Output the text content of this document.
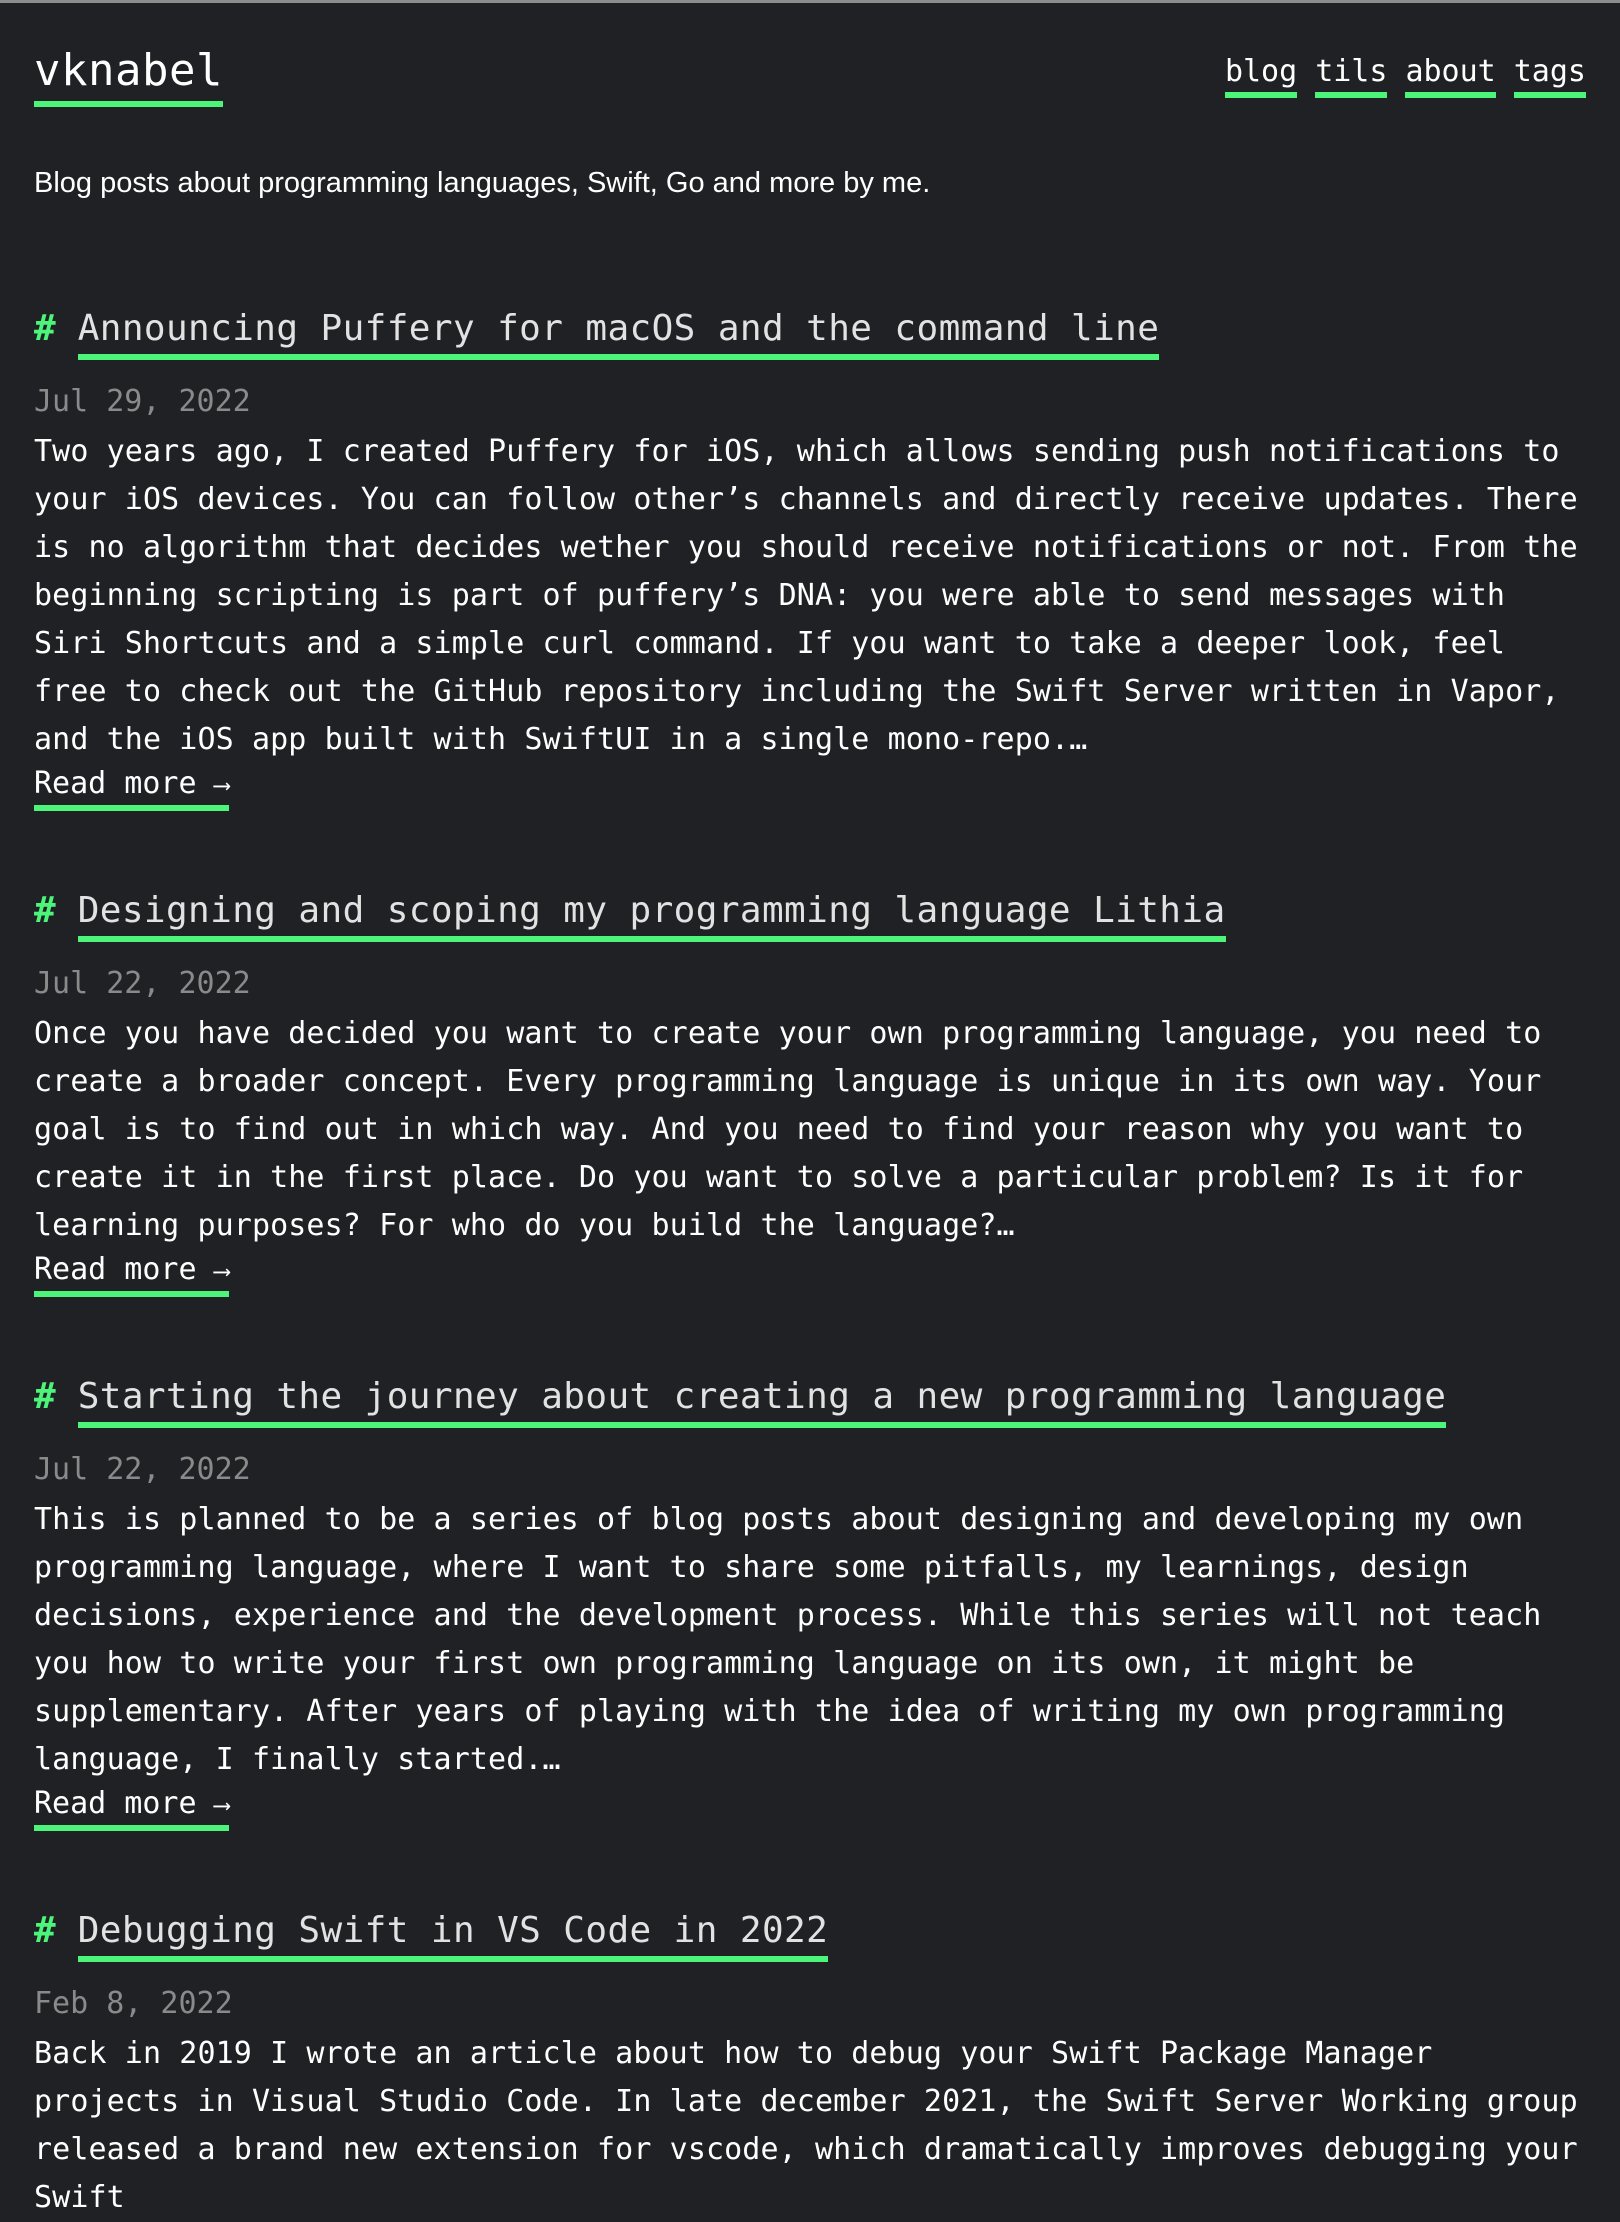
vknabel	blog tils about tags

Blog posts about programming languages, Swift, Go and more by me.

# Announcing Puffery for macOS and the command line
Jul 29, 2022

Two years ago, I created Puffery for iOS, which allows sending push notifications to your iOS devices. You can follow other’s channels and directly receive updates. There is no algorithm that decides wether you should receive notifications or not. From the beginning scripting is part of puffery’s DNA: you were able to send messages with Siri Shortcuts and a simple curl command. If you want to take a deeper look, feel free to check out the GitHub repository including the Swift Server written in Vapor, and the iOS app built with SwiftUI in a single mono-repo.…

Read more ⟶
# Designing and scoping my programming language Lithia
Jul 22, 2022

Once you have decided you want to create your own programming language, you need to create a broader concept. Every programming language is unique in its own way. Your goal is to find out in which way. And you need to find your reason why you want to create it in the first place. Do you want to solve a particular problem? Is it for learning purposes? For who do you build the language?…

Read more ⟶
# Starting the journey about creating a new programming language
Jul 22, 2022

This is planned to be a series of blog posts about designing and developing my own programming language, where I want to share some pitfalls, my learnings, design decisions, experience and the development process. While this series will not teach you how to write your first own programming language on its own, it might be supplementary. After years of playing with the idea of writing my own programming language, I finally started.…

Read more ⟶
# Debugging Swift in VS Code in 2022
Feb 8, 2022

Back in 2019 I wrote an article about how to debug your Swift Package Manager projects in Visual Studio Code. In late december 2021, the Swift Server Working group released a brand new extension for vscode, which dramatically improves debugging your Swift
